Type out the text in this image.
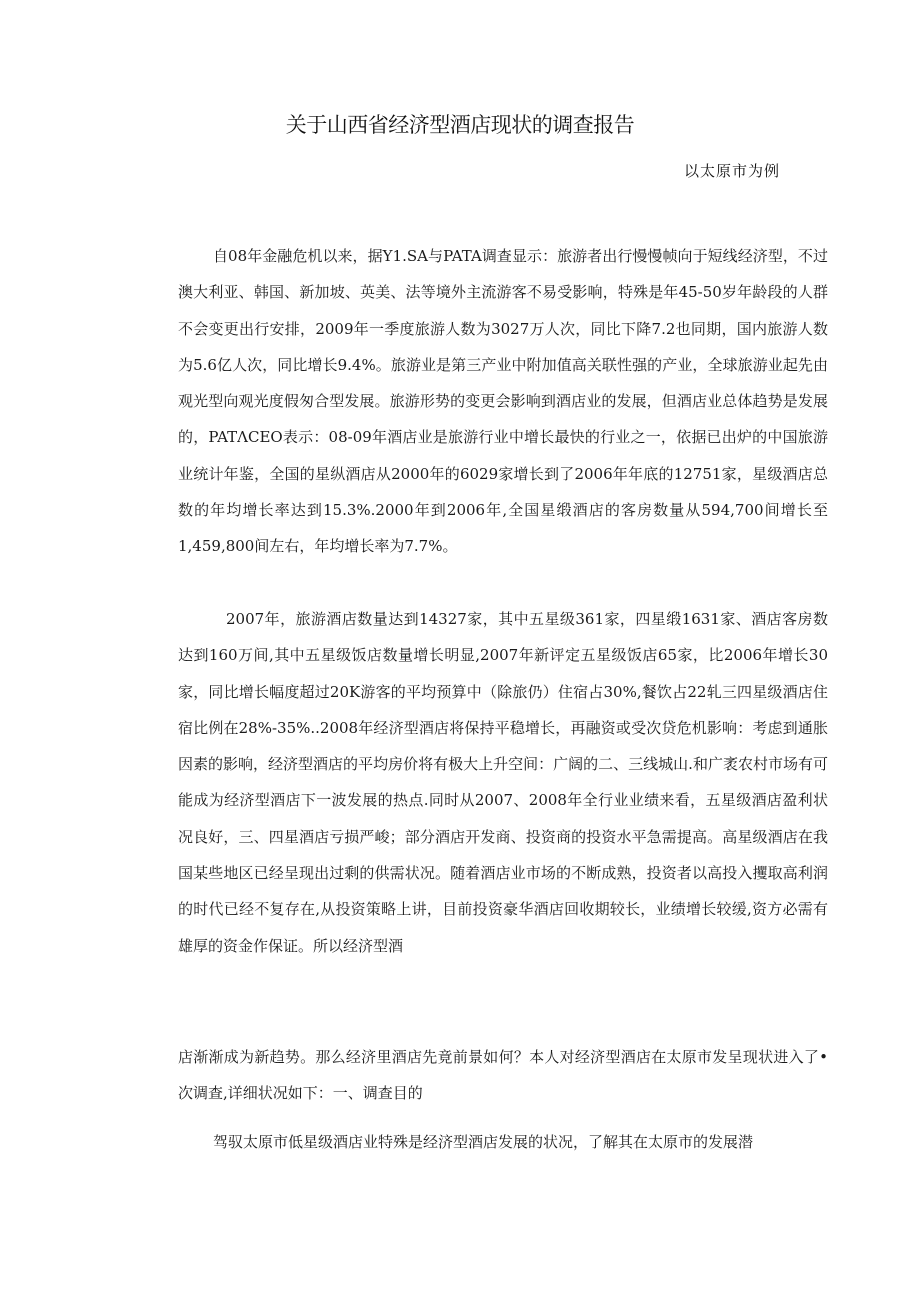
关于山西省经济型酒店现状的调查报告
以太原市为例

自08年金融危机以来，据Y1.SA与PATA调查显示：旅游者出行慢慢帧向于短线经济型，不过澳大利亚、韩国、新加坡、英美、法等境外主流游客不易受影响，特殊是年45-50岁年龄段的人群不会变更出行安排，2009年一季度旅游人数为3027万人次，同比下降7.2也同期，国内旅游人数为5.6亿人次，同比增长9.4%。旅游业是第三产业中附加值高关联性强的产业，全球旅游业起先由观光型向观光度假匆合型发展。旅游形势的变更会影响到酒店业的发展，但酒店业总体趋势是发展的，PATΛCEO表示：08-09年酒店业是旅游行业中增长最快的行业之一，依据已出炉的中国旅游业统计年鉴，全国的星纵酒店从2000年的6029家增长到了2006年年底的12751家，星级酒店总数的年均增长率达到15.3%.2000年到2006年,全国星缎酒店的客房数量从594,700间增长至1,459,800间左右，年均增长率为7.7%。

2007年，旅游酒店数量达到14327家，其中五星级361家，四星缎1631家、酒店客房数达到160万间,其中五星级饭店数量增长明显,2007年新评定五星级饭店65家，比2006年增长30家，同比增长幅度超过20K游客的平均预算中（除旅仍）住宿占30%,餐饮占22轧三四星级酒店住宿比例在28%-35%..2008年经济型酒店将保持平稳增长，再融资或受次贷危机影响：考虑到通胀因素的影响，经济型酒店的平均房价将有极大上升空间：广阔的二、三线城山.和广袤农村市场有可能成为经济型酒店下一波发展的热点.同时从2007、2008年全行业业绩来看，五星级酒店盈利状况良好，三、四星酒店亏损严峻；部分酒店开发商、投资商的投资水平急需提高。高星级酒店在我国某些地区已经呈现出过剩的供需状况。随着酒店业市场的不断成熟，投资者以高投入攫取高利润的时代已经不复存在,从投资策略上讲，目前投资豪华酒店回收期较长，业绩增长较缓,资方必需有雄厚的资金作保证。所以经济型酒

店渐渐成为新趋势。那么经济里酒店先竟前景如何？本人对经济型酒店在太原市发呈现状进入了•次调查,详细状况如下：一、调查目的

驾驭太原市低星级酒店业特殊是经济型酒店发展的状况，了解其在太原市的发展潜
